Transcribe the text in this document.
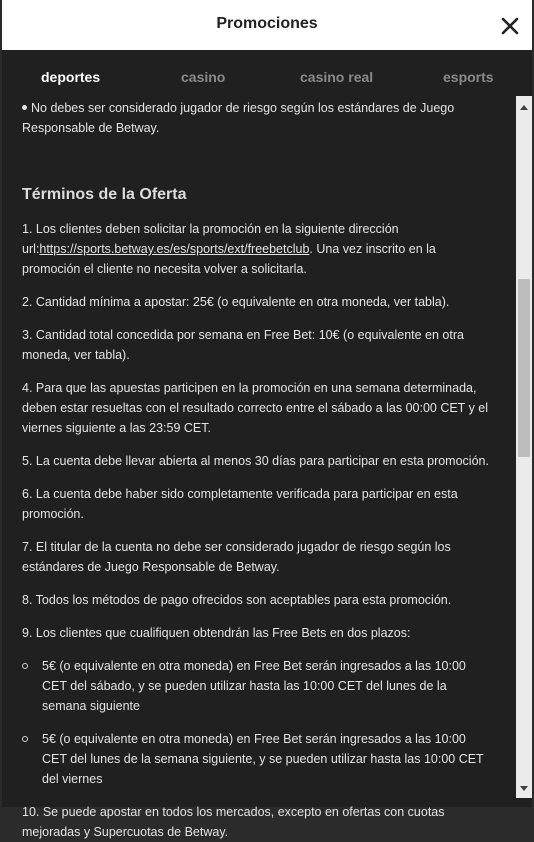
Promociones
deportes	casino	casino real	esports
No debes ser considerado jugador de riesgo según los estándares de Juego Responsable de Betway.
Términos de la Oferta
1. Los clientes deben solicitar la promoción en la siguiente dirección url:https://sports.betway.es/es/sports/ext/freebetclub. Una vez inscrito en la promoción el cliente no necesita volver a solicitarla.
2. Cantidad mínima a apostar: 25€ (o equivalente en otra moneda, ver tabla).
3. Cantidad total concedida por semana en Free Bet: 10€ (o equivalente en otra moneda, ver tabla).
4. Para que las apuestas participen en la promoción en una semana determinada, deben estar resueltas con el resultado correcto entre el sábado a las 00:00 CET y el viernes siguiente a las 23:59 CET.
5. La cuenta debe llevar abierta al menos 30 días para participar en esta promoción.
6. La cuenta debe haber sido completamente verificada para participar en esta promoción.
7. El titular de la cuenta no debe ser considerado jugador de riesgo según los estándares de Juego Responsable de Betway.
8. Todos los métodos de pago ofrecidos son aceptables para esta promoción.
9. Los clientes que cualifiquen obtendrán las Free Bets en dos plazos:
5€ (o equivalente en otra moneda) en Free Bet serán ingresados a las 10:00 CET del sábado, y se pueden utilizar hasta las 10:00 CET del lunes de la semana siguiente
5€ (o equivalente en otra moneda) en Free Bet serán ingresados a las 10:00 CET del lunes de la semana siguiente, y se pueden utilizar hasta las 10:00 CET del viernes
10. Se puede apostar en todos los mercados, excepto en ofertas con cuotas mejoradas y Supercuotas de Betway.
